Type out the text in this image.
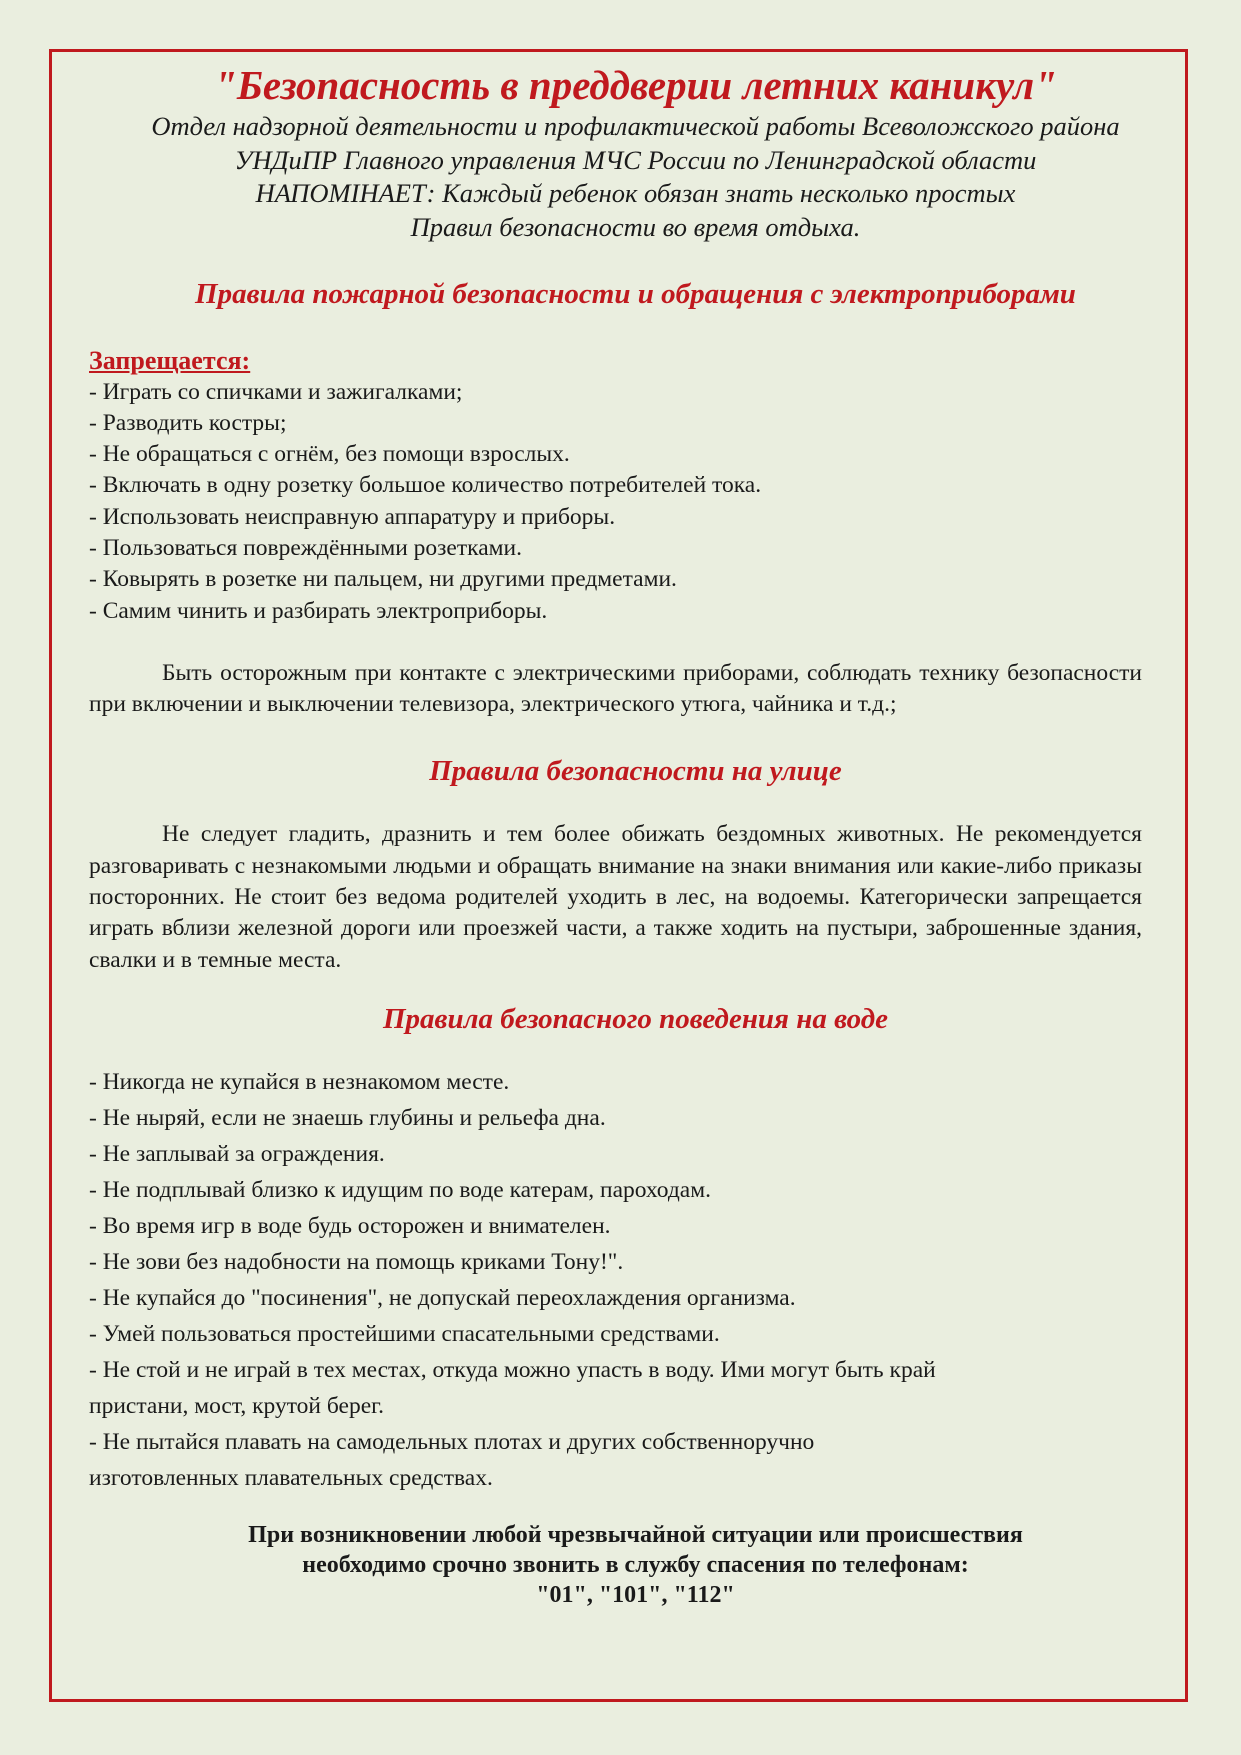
"Безопасность в преддверии летних каникул"
Отдел надзорной деятельности и профилактической работы Всеволожского района
УНДиПР Главного управления МЧС России по Ленинградской области
НАПОМІНАЕТ: Каждый ребенок обязан знать несколько простых
Правил безопасности во время отдыха.
Правила пожарной безопасности и обращения с электроприборами
Запрещается:
- Играть со спичками и зажигалками;
- Разводить костры;
- Не обращаться с огнём, без помощи взрослых.
- Включать в одну розетку большое количество потребителей тока.
- Использовать неисправную аппаратуру и приборы.
- Пользоваться повреждёнными розетками.
- Ковырять в розетке ни пальцем, ни другими предметами.
- Самим чинить и разбирать электроприборы.

Быть осторожным при контакте с электрическими приборами, соблюдать технику безопасности при включении и выключении телевизора, электрического утюга, чайника и т.д.;

Правила безопасности на улице

Не следует гладить, дразнить и тем более обижать бездомных животных. Не рекомендуется разговаривать с незнакомыми людьми и обращать внимание на знаки внимания или какие-либо приказы посторонних. Не стоит без ведома родителей уходить в лес, на водоемы. Категорически запрещается играть вблизи железной дороги или проезжей части, а также ходить на пустыри, заброшенные здания, свалки и в темные места.

Правила безопасного поведения на воде
- Никогда не купайся в незнакомом месте.
- Не ныряй, если не знаешь глубины и рельефа дна.
- Не заплывай за ограждения.
- Не подплывай близко к идущим по воде катерам, пароходам.
- Во время игр в воде будь осторожен и внимателен.
- Не зови без надобности на помощь криками Тону!".
- Не купайся до "посинения", не допускай переохлаждения организма.
- Умей пользоваться простейшими спасательными средствами.
- Не стой и не играй в тех местах, откуда можно упасть в воду. Ими могут быть край
пристани, мост, крутой берег.
- Не пытайся плавать на самодельных плотах и других собственноручно
изготовленных плавательных средствах.
При возникновении любой чрезвычайной ситуации или происшествия
необходимо срочно звонить в службу спасения по телефонам:
"01", "101", "112"
